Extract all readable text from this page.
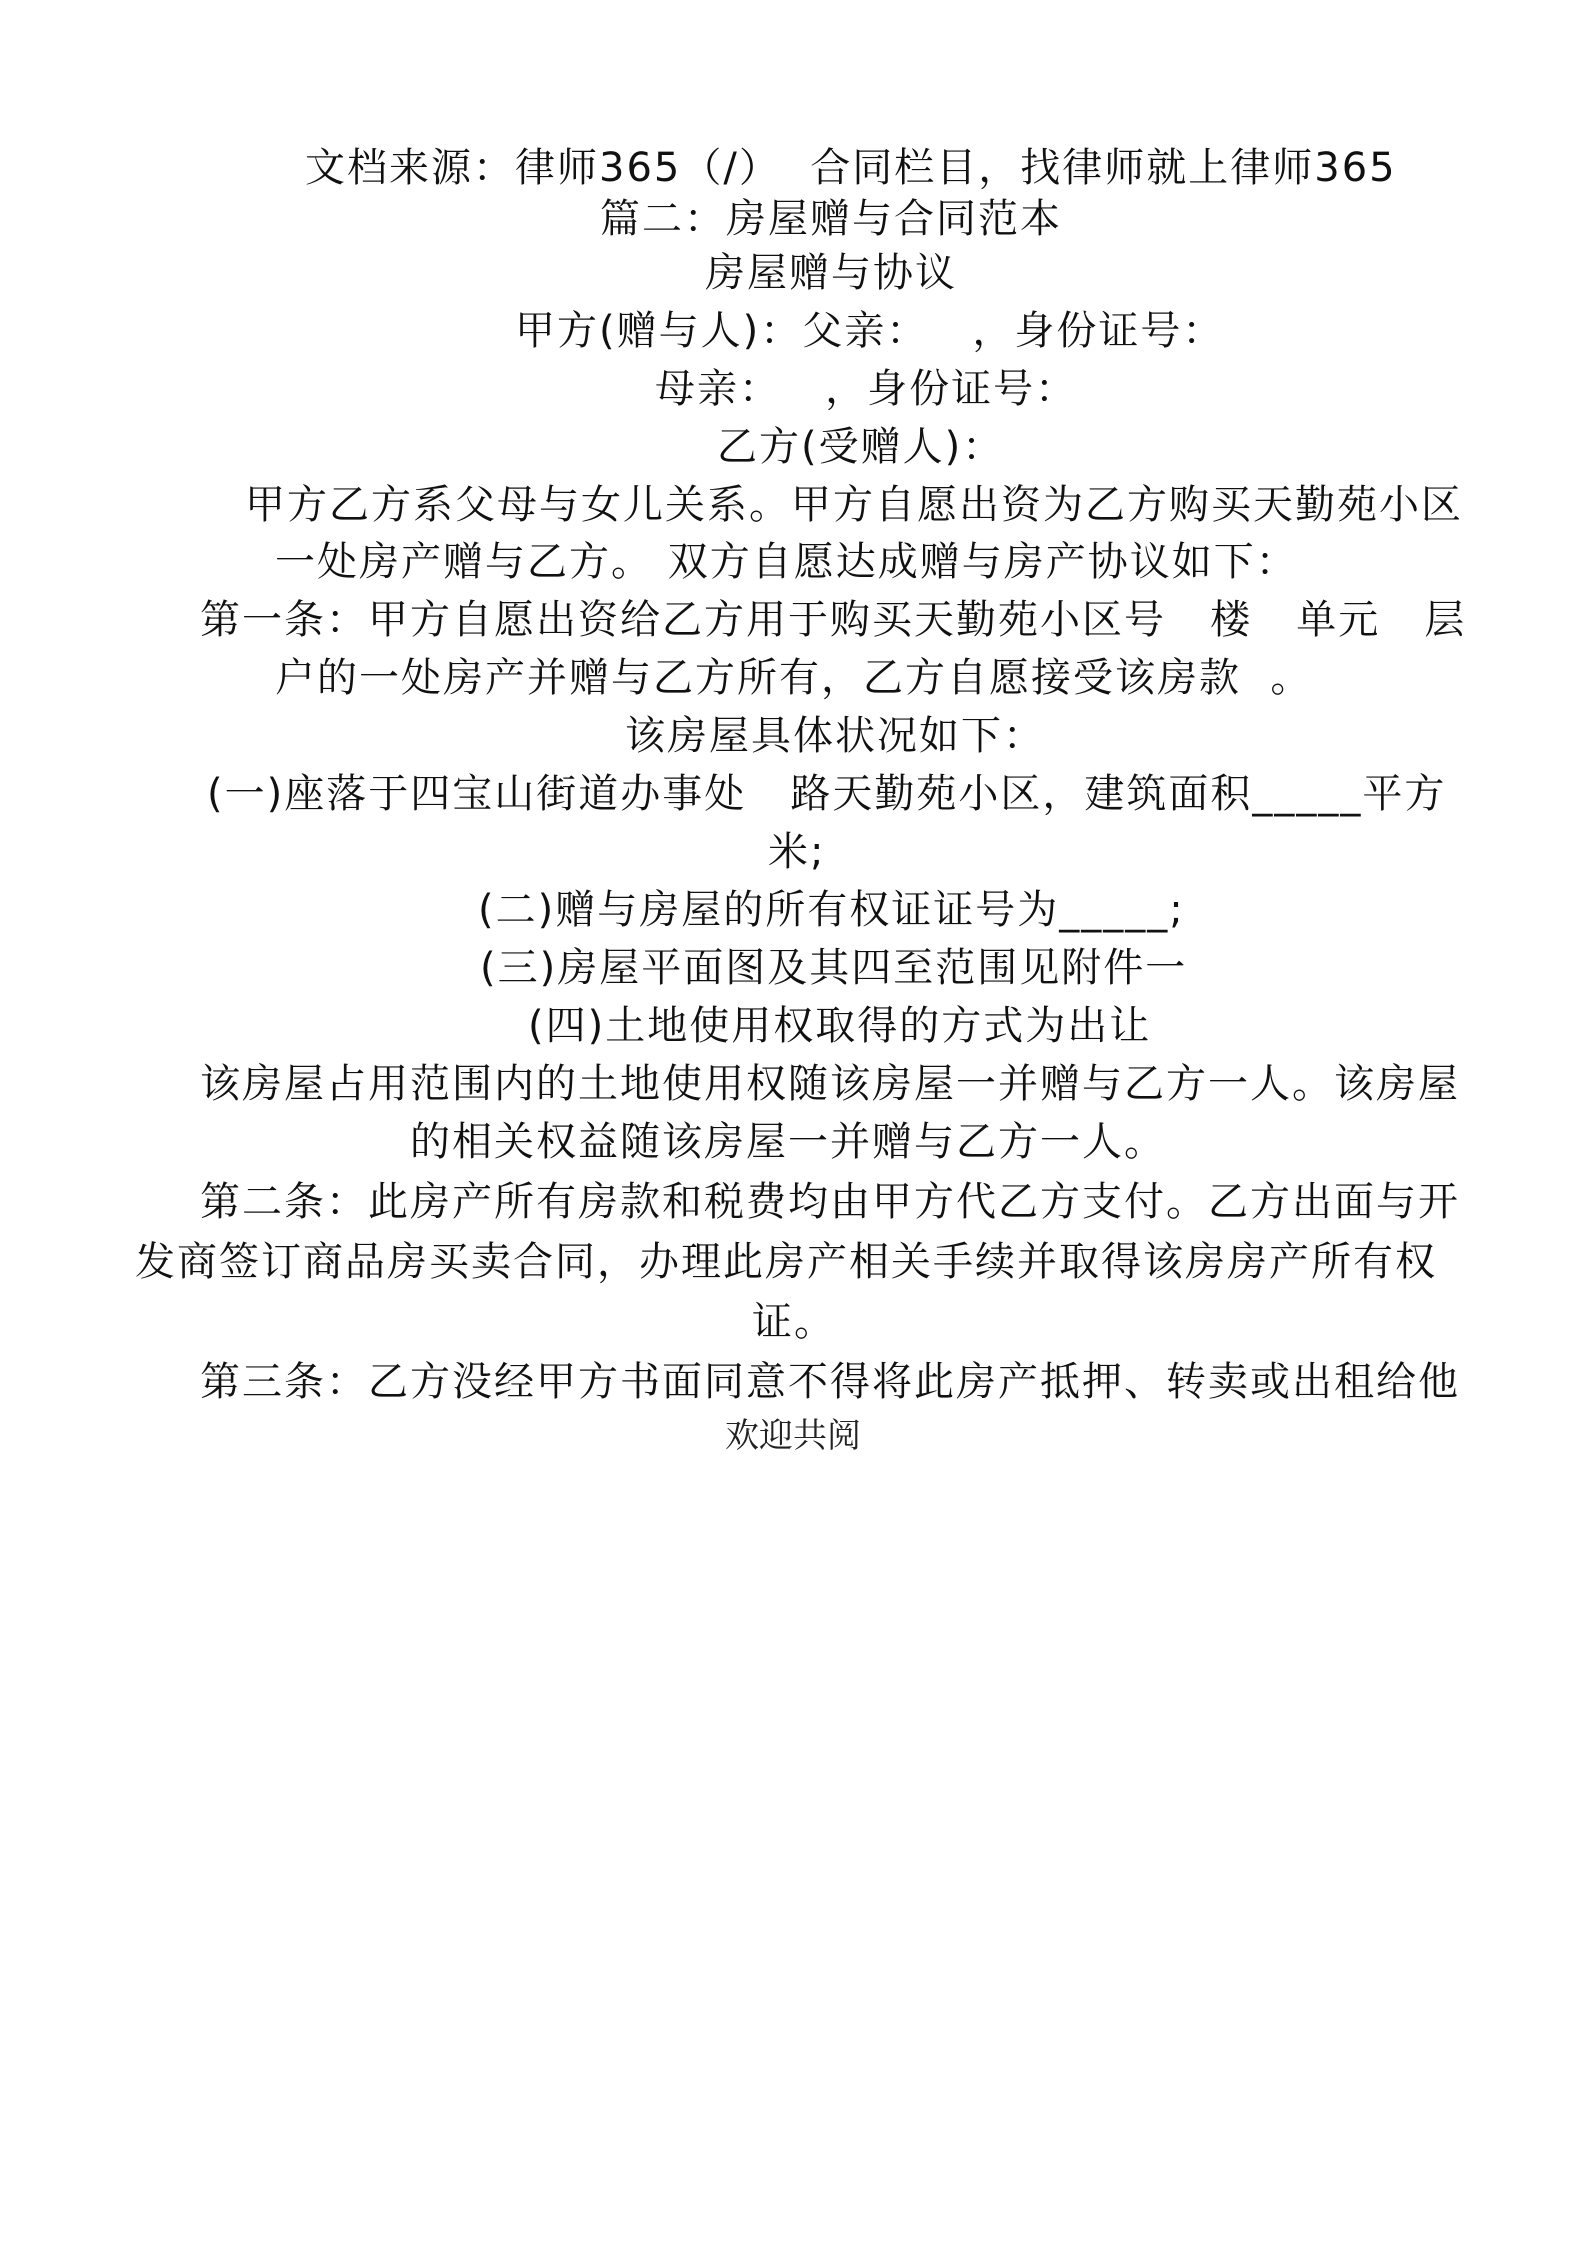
文档来源：律师365（/）  合同栏目，找律师就上律师365
篇二：房屋赠与合同范本
房屋赠与协议
甲方(赠与人)：父亲：   ，身份证号：
母亲：   ，身份证号：
乙方(受赠人)：
甲方乙方系父母与女儿关系。甲方自愿出资为乙方购买天勤苑小区
一处房产赠与乙方。 双方自愿达成赠与房产协议如下：
第一条：甲方自愿出资给乙方用于购买天勤苑小区号   楼   单元   层
户的一处房产并赠与乙方所有，乙方自愿接受该房款  。
该房屋具体状况如下：
(一)座落于四宝山街道办事处   路天勤苑小区，建筑面积_____平方
米;
(二)赠与房屋的所有权证证号为_____;
(三)房屋平面图及其四至范围见附件一
(四)土地使用权取得的方式为出让
该房屋占用范围内的土地使用权随该房屋一并赠与乙方一人。该房屋
的相关权益随该房屋一并赠与乙方一人。
第二条：此房产所有房款和税费均由甲方代乙方支付。乙方出面与开
发商签订商品房买卖合同，办理此房产相关手续并取得该房房产所有权
证。
第三条：乙方没经甲方书面同意不得将此房产抵押、转卖或出租给他
欢迎共阅
